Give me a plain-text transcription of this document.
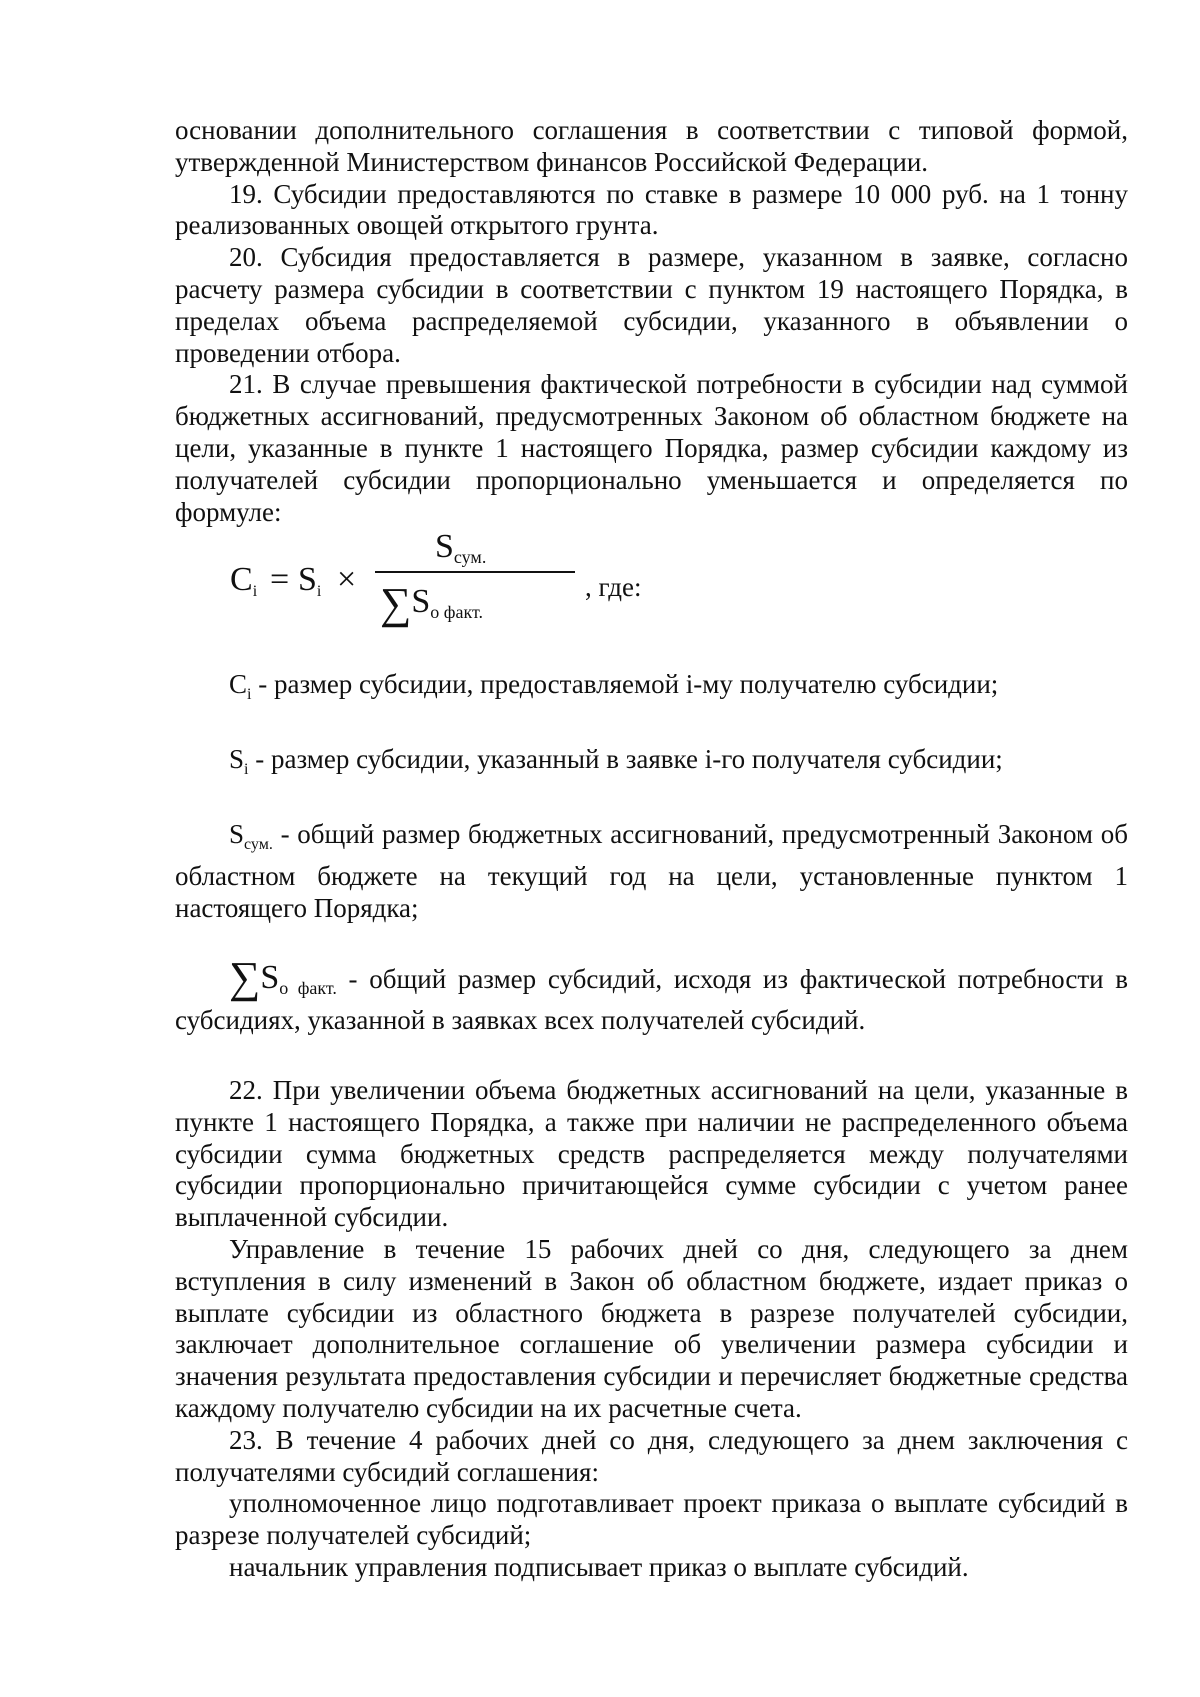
основании дополнительного соглашения в соответствии с типовой формой, утвержденной Министерством финансов Российской Федерации.

19. Субсидии предоставляются по ставке в размере 10 000 руб. на 1 тонну реализованных овощей открытого грунта.

20. Субсидия предоставляется в размере, указанном в заявке, согласно расчету размера субсидии в соответствии с пунктом 19 настоящего Порядка, в пределах объема распределяемой субсидии, указанного в объявлении о проведении отбора.

21. В случае превышения фактической потребности в субсидии над суммой бюджетных ассигнований, предусмотренных Законом об областном бюджете на цели, указанные в пункте 1 настоящего Порядка, размер субсидии каждому из получателей субсидии пропорционально уменьшается и определяется по формуле:

$C_i = S_i$ ×
Sсум.
∑Sо факт.
, где:

$C_i$ - размер субсидии, предоставляемой i-му получателю субсидии;

$S_i$ - размер субсидии, указанный в заявке i-го получателя субсидии;

$S_{сум.}$ - общий размер бюджетных ассигнований, предусмотренный Законом об областном бюджете на текущий год на цели, установленные пунктом 1 настоящего Порядка;

$\sum S_{о факт.}$ - общий размер субсидий, исходя из фактической потребности в субсидиях, указанной в заявках всех получателей субсидий.

22. При увеличении объема бюджетных ассигнований на цели, указанные в пункте 1 настоящего Порядка, а также при наличии не распределенного объема субсидии сумма бюджетных средств распределяется между получателями субсидии пропорционально причитающейся сумме субсидии с учетом ранее выплаченной субсидии.

Управление в течение 15 рабочих дней со дня, следующего за днем вступления в силу изменений в Закон об областном бюджете, издает приказ о выплате субсидии из областного бюджета в разрезе получателей субсидии, заключает дополнительное соглашение об увеличении размера субсидии и значения результата предоставления субсидии и перечисляет бюджетные средства каждому получателю субсидии на их расчетные счета.

23. В течение 4 рабочих дней со дня, следующего за днем заключения с получателями субсидий соглашения:

уполномоченное лицо подготавливает проект приказа о выплате субсидий в разрезе получателей субсидий;

начальник управления подписывает приказ о выплате субсидий.
